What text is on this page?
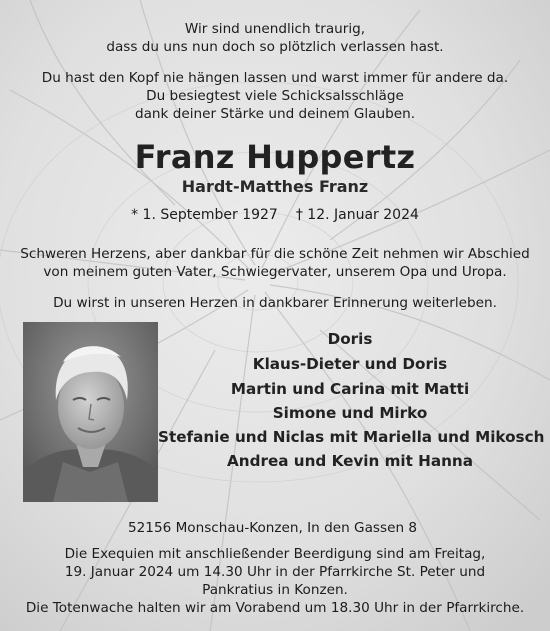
Wir sind unendlich traurig,
dass du uns nun doch so plötzlich verlassen hast.
Du hast den Kopf nie hängen lassen und warst immer für andere da.
Du besiegtest viele Schicksalsschläge
dank deiner Stärke und deinem Glauben.
Franz Huppertz
Hardt-Matthes Franz
* 1. September 1927 † 12. Januar 2024
Schweren Herzens, aber dankbar für die schöne Zeit nehmen wir Abschied
von meinem guten Vater, Schwiegervater, unserem Opa und Uropa.
Du wirst in unseren Herzen in dankbarer Erinnerung weiterleben.
Doris
Klaus-Dieter und Doris
Martin und Carina mit Matti
Simone und Mirko
Stefanie und Niclas mit Mariella und Mikosch
Andrea und Kevin mit Hanna
52156 Monschau-Konzen, In den Gassen 8
Die Exequien mit anschließender Beerdigung sind am Freitag,
19. Januar 2024 um 14.30 Uhr in der Pfarrkirche St. Peter und
Pankratius in Konzen.
Die Totenwache halten wir am Vorabend um 18.30 Uhr in der Pfarrkirche.
